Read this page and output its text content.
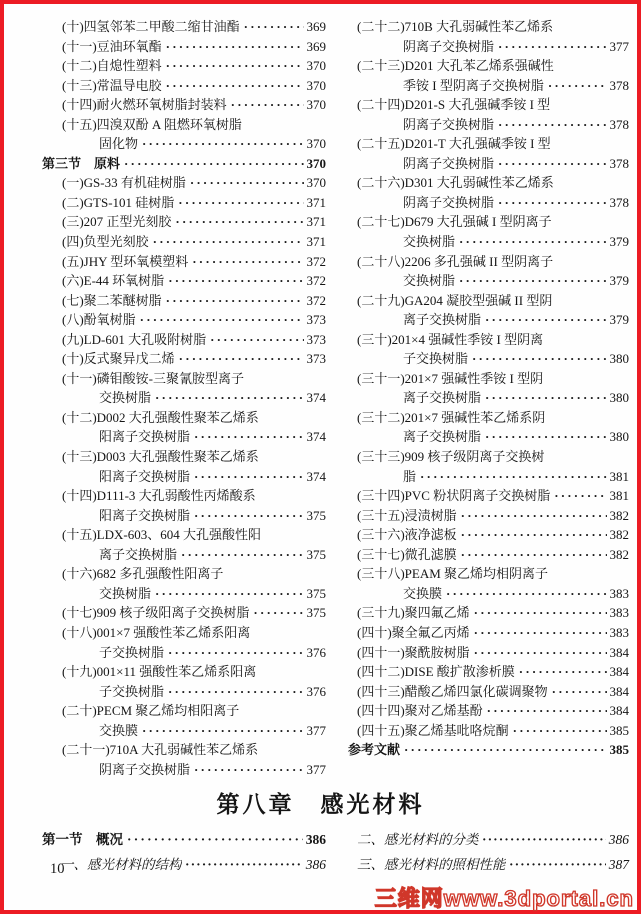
(十)四氢邻苯二甲酸二缩甘油酯 ·····	369
(十一)豆油环氧酯 ·····	369
(十二)自熄性塑料 ·····	370
(十三)常温导电胶 ·····	370
(十四)耐火燃环氧树脂封装料 ·····	370
(十五)四溴双酚 A 阻燃环氧树脂
固化物 ·····	370
第三节　原料 ·····	370
(一)GS-33 有机硅树脂 ·····	370
(二)GTS-101 硅树脂 ·····	371
(三)207 正型光刻胶 ·····	371
(四)负型光刻胶 ·····	371
(五)JHY 型环氧模塑料 ·····	372
(六)E-44 环氧树脂 ·····	372
(七)聚二苯醚树脂 ·····	372
(八)酚氧树脂 ·····	373
(九)LD-601 大孔吸附树脂 ·····	373
(十)反式聚异戊二烯 ·····	373
(十一)磷钼酸铵-三聚氰胺型离子
交换树脂 ·····	374
(十二)D002 大孔强酸性聚苯乙烯系
阳离子交换树脂 ·····	374
(十三)D003 大孔强酸性聚苯乙烯系
阳离子交换树脂 ·····	374
(十四)D111-3 大孔弱酸性丙烯酸系
阳离子交换树脂 ·····	375
(十五)LDX-603、604 大孔强酸性阳
离子交换树脂 ·····	375
(十六)682 多孔强酸性阳离子
交换树脂 ·····	375
(十七)909 核子级阳离子交换树脂 ·····	375
(十八)001×7 强酸性苯乙烯系阳离
子交换树脂 ·····	376
(十九)001×11 强酸性苯乙烯系阳离
子交换树脂 ·····	376
(二十)PECM 聚乙烯均相阳离子
交换膜 ·····	377
(二十一)710A 大孔弱碱性苯乙烯系
阴离子交换树脂 ·····	377
(二十二)710B 大孔弱碱性苯乙烯系
阴离子交换树脂 ·····	377
(二十三)D201 大孔苯乙烯系强碱性
季铵 I 型阴离子交换树脂 ·····	378
(二十四)D201-S 大孔强碱季铵 I 型
阴离子交换树脂 ·····	378
(二十五)D201-T 大孔强碱季铵 I 型
阴离子交换树脂 ·····	378
(二十六)D301 大孔弱碱性苯乙烯系
阴离子交换树脂 ·····	378
(二十七)D679 大孔强碱 I 型阴离子
交换树脂 ·····	379
(二十八)2206 多孔强碱 II 型阴离子
交换树脂 ·····	379
(二十九)GA204 凝胶型强碱 II 型阴
离子交换树脂 ·····	379
(三十)201×4 强碱性季铵 I 型阴离
子交换树脂 ·····	380
(三十一)201×7 强碱性季铵 I 型阴
离子交换树脂 ·····	380
(三十二)201×7 强碱性苯乙烯系阴
离子交换树脂 ·····	380
(三十三)909 核子级阴离子交换树
脂 ·····	381
(三十四)PVC 粉状阴离子交换树脂 ·····	381
(三十五)浸渍树脂 ·····	382
(三十六)液净滤板 ·····	382
(三十七)微孔滤膜 ·····	382
(三十八)PEAM 聚乙烯均相阴离子
交换膜 ·····	383
(三十九)聚四氟乙烯 ·····	383
(四十)聚全氟乙丙烯 ·····	383
(四十一)聚酰胺树脂 ·····	384
(四十二)DISE 酸扩散渗析膜 ·····	384
(四十三)醋酸乙烯四氯化碳调聚物 ·····	384
(四十四)聚对乙烯基酚 ·····	384
(四十五)聚乙烯基吡咯烷酮 ·····	385
参考文献 ·····	385
第八章　感光材料
第一节　概况 ·····	386
一、感光材料的结构 ·····	386
二、感光材料的分类 ·····	386
三、感光材料的照相性能 ·····	387
10
三维网www.3dportal.cn
